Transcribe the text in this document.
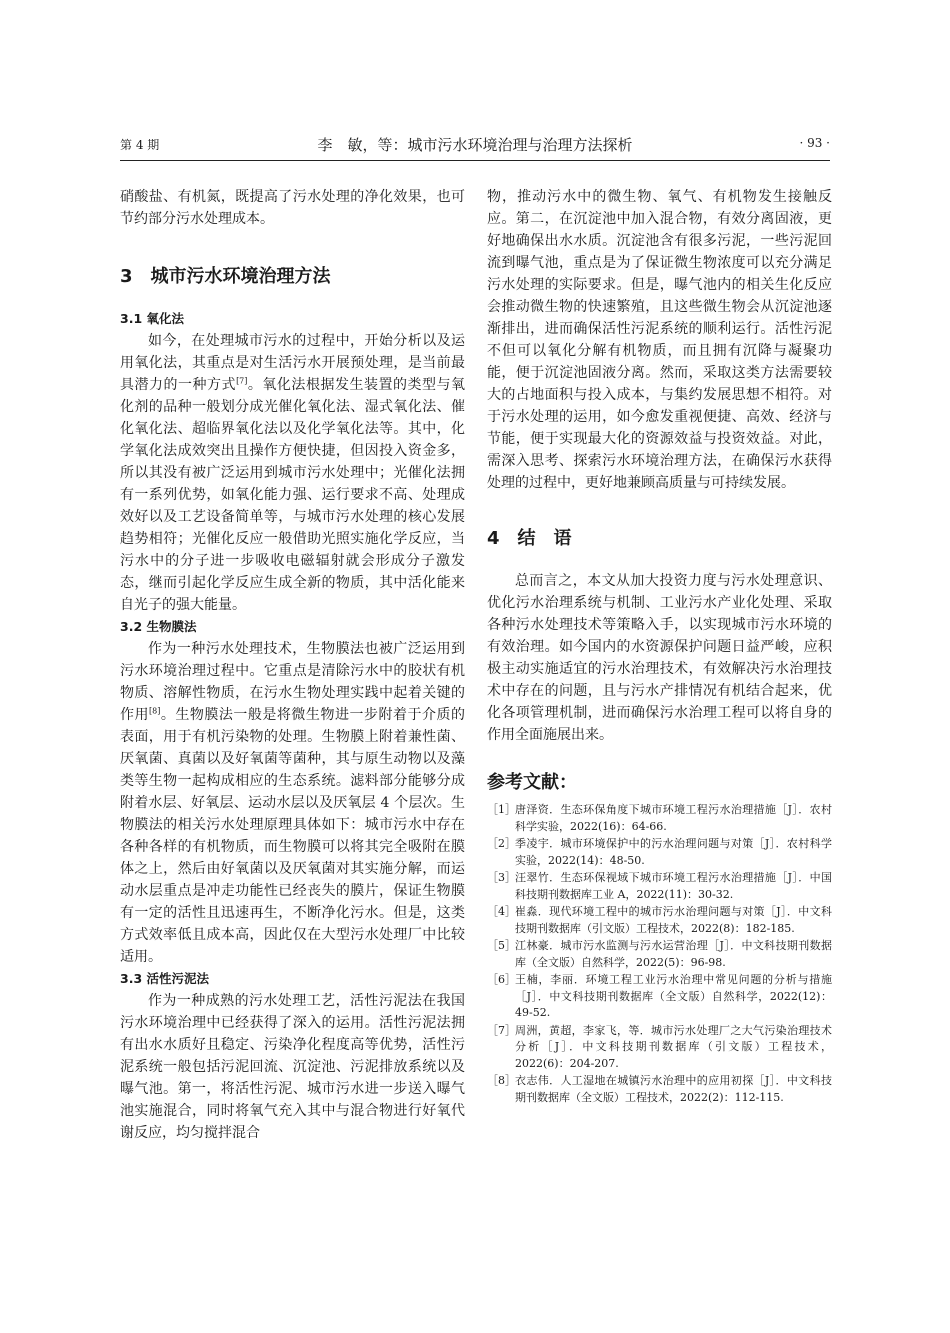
第 4 期	李　敏，等：城市污水环境治理与治理方法探析	· 93 ·

硝酸盐、有机氮，既提高了污水处理的净化效果，也可节约部分污水处理成本。

3　城市污水环境治理方法
3.1 氧化法

如今，在处理城市污水的过程中，开始分析以及运用氧化法，其重点是对生活污水开展预处理，是当前最具潜力的一种方式[7]。氧化法根据发生装置的类型与氧化剂的品种一般划分成光催化氧化法、湿式氧化法、催化氧化法、超临界氧化法以及化学氧化法等。其中，化学氧化法成效突出且操作方便快捷，但因投入资金多，所以其没有被广泛运用到城市污水处理中；光催化法拥有一系列优势，如氧化能力强、运行要求不高、处理成效好以及工艺设备简单等，与城市污水处理的核心发展趋势相符；光催化反应一般借助光照实施化学反应，当污水中的分子进一步吸收电磁辐射就会形成分子激发态，继而引起化学反应生成全新的物质，其中活化能来自光子的强大能量。

3.2 生物膜法

作为一种污水处理技术，生物膜法也被广泛运用到污水环境治理过程中。它重点是清除污水中的胶状有机物质、溶解性物质，在污水生物处理实践中起着关键的作用[8]。生物膜法一般是将微生物进一步附着于介质的表面，用于有机污染物的处理。生物膜上附着兼性菌、厌氧菌、真菌以及好氧菌等菌种，其与原生动物以及藻类等生物一起构成相应的生态系统。滤料部分能够分成附着水层、好氧层、运动水层以及厌氧层 4 个层次。生物膜法的相关污水处理原理具体如下：城市污水中存在各种各样的有机物质，而生物膜可以将其完全吸附在膜体之上，然后由好氧菌以及厌氧菌对其实施分解，而运动水层重点是冲走功能性已经丧失的膜片，保证生物膜有一定的活性且迅速再生，不断净化污水。但是，这类方式效率低且成本高，因此仅在大型污水处理厂中比较适用。

3.3 活性污泥法

作为一种成熟的污水处理工艺，活性污泥法在我国污水环境治理中已经获得了深入的运用。活性污泥法拥有出水水质好且稳定、污染净化程度高等优势，活性污泥系统一般包括污泥回流、沉淀池、污泥排放系统以及曝气池。第一，将活性污泥、城市污水进一步送入曝气池实施混合，同时将氧气充入其中与混合物进行好氧代谢反应，均匀搅拌混合

物，推动污水中的微生物、氧气、有机物发生接触反应。第二，在沉淀池中加入混合物，有效分离固液，更好地确保出水水质。沉淀池含有很多污泥，一些污泥回流到曝气池，重点是为了保证微生物浓度可以充分满足污水处理的实际要求。但是，曝气池内的相关生化反应会推动微生物的快速繁殖，且这些微生物会从沉淀池逐渐排出，进而确保活性污泥系统的顺利运行。活性污泥不但可以氧化分解有机物质，而且拥有沉降与凝聚功能，便于沉淀池固液分离。然而，采取这类方法需要较大的占地面积与投入成本，与集约发展思想不相符。对于污水处理的运用，如今愈发重视便捷、高效、经济与节能，便于实现最大化的资源效益与投资效益。对此，需深入思考、探索污水环境治理方法，在确保污水获得处理的过程中，更好地兼顾高质量与可持续发展。

4　结　语

总而言之，本文从加大投资力度与污水处理意识、优化污水治理系统与机制、工业污水产业化处理、采取各种污水处理技术等策略入手，以实现城市污水环境的有效治理。如今国内的水资源保护问题日益严峻，应积极主动实施适宜的污水治理技术，有效解决污水治理技术中存在的问题，且与污水产排情况有机结合起来，优化各项管理机制，进而确保污水治理工程可以将自身的作用全面施展出来。

参考文献：
［1］ 唐泽资．生态环保角度下城市环境工程污水治理措施［J］．农村科学实验，2022(16)：64-66.
［2］ 季凌宇．城市环境保护中的污水治理问题与对策［J］．农村科学实验，2022(14)：48-50.
［3］ 汪翠竹．生态环保视域下城市环境工程污水治理措施［J］．中国科技期刊数据库工业 A，2022(11)：30-32.
［4］ 崔淼．现代环境工程中的城市污水治理问题与对策［J］．中文科技期刊数据库（引文版）工程技术，2022(8)：182-185.
［5］ 江林豪．城市污水监测与污水运营治理［J］．中文科技期刊数据库（全文版）自然科学，2022(5)：96-98.
［6］ 王楠，李丽．环境工程工业污水治理中常见问题的分析与措施［J］．中文科技期刊数据库（全文版）自然科学，2022(12)：49-52.
［7］ 周洲，黄超，李家飞，等．城市污水处理厂之大气污染治理技术分析［J］．中文科技期刊数据库（引文版）工程技术，2022(6)：204-207.
［8］ 衣志伟．人工湿地在城镇污水治理中的应用初探［J］．中文科技期刊数据库（全文版）工程技术，2022(2)：112-115.
